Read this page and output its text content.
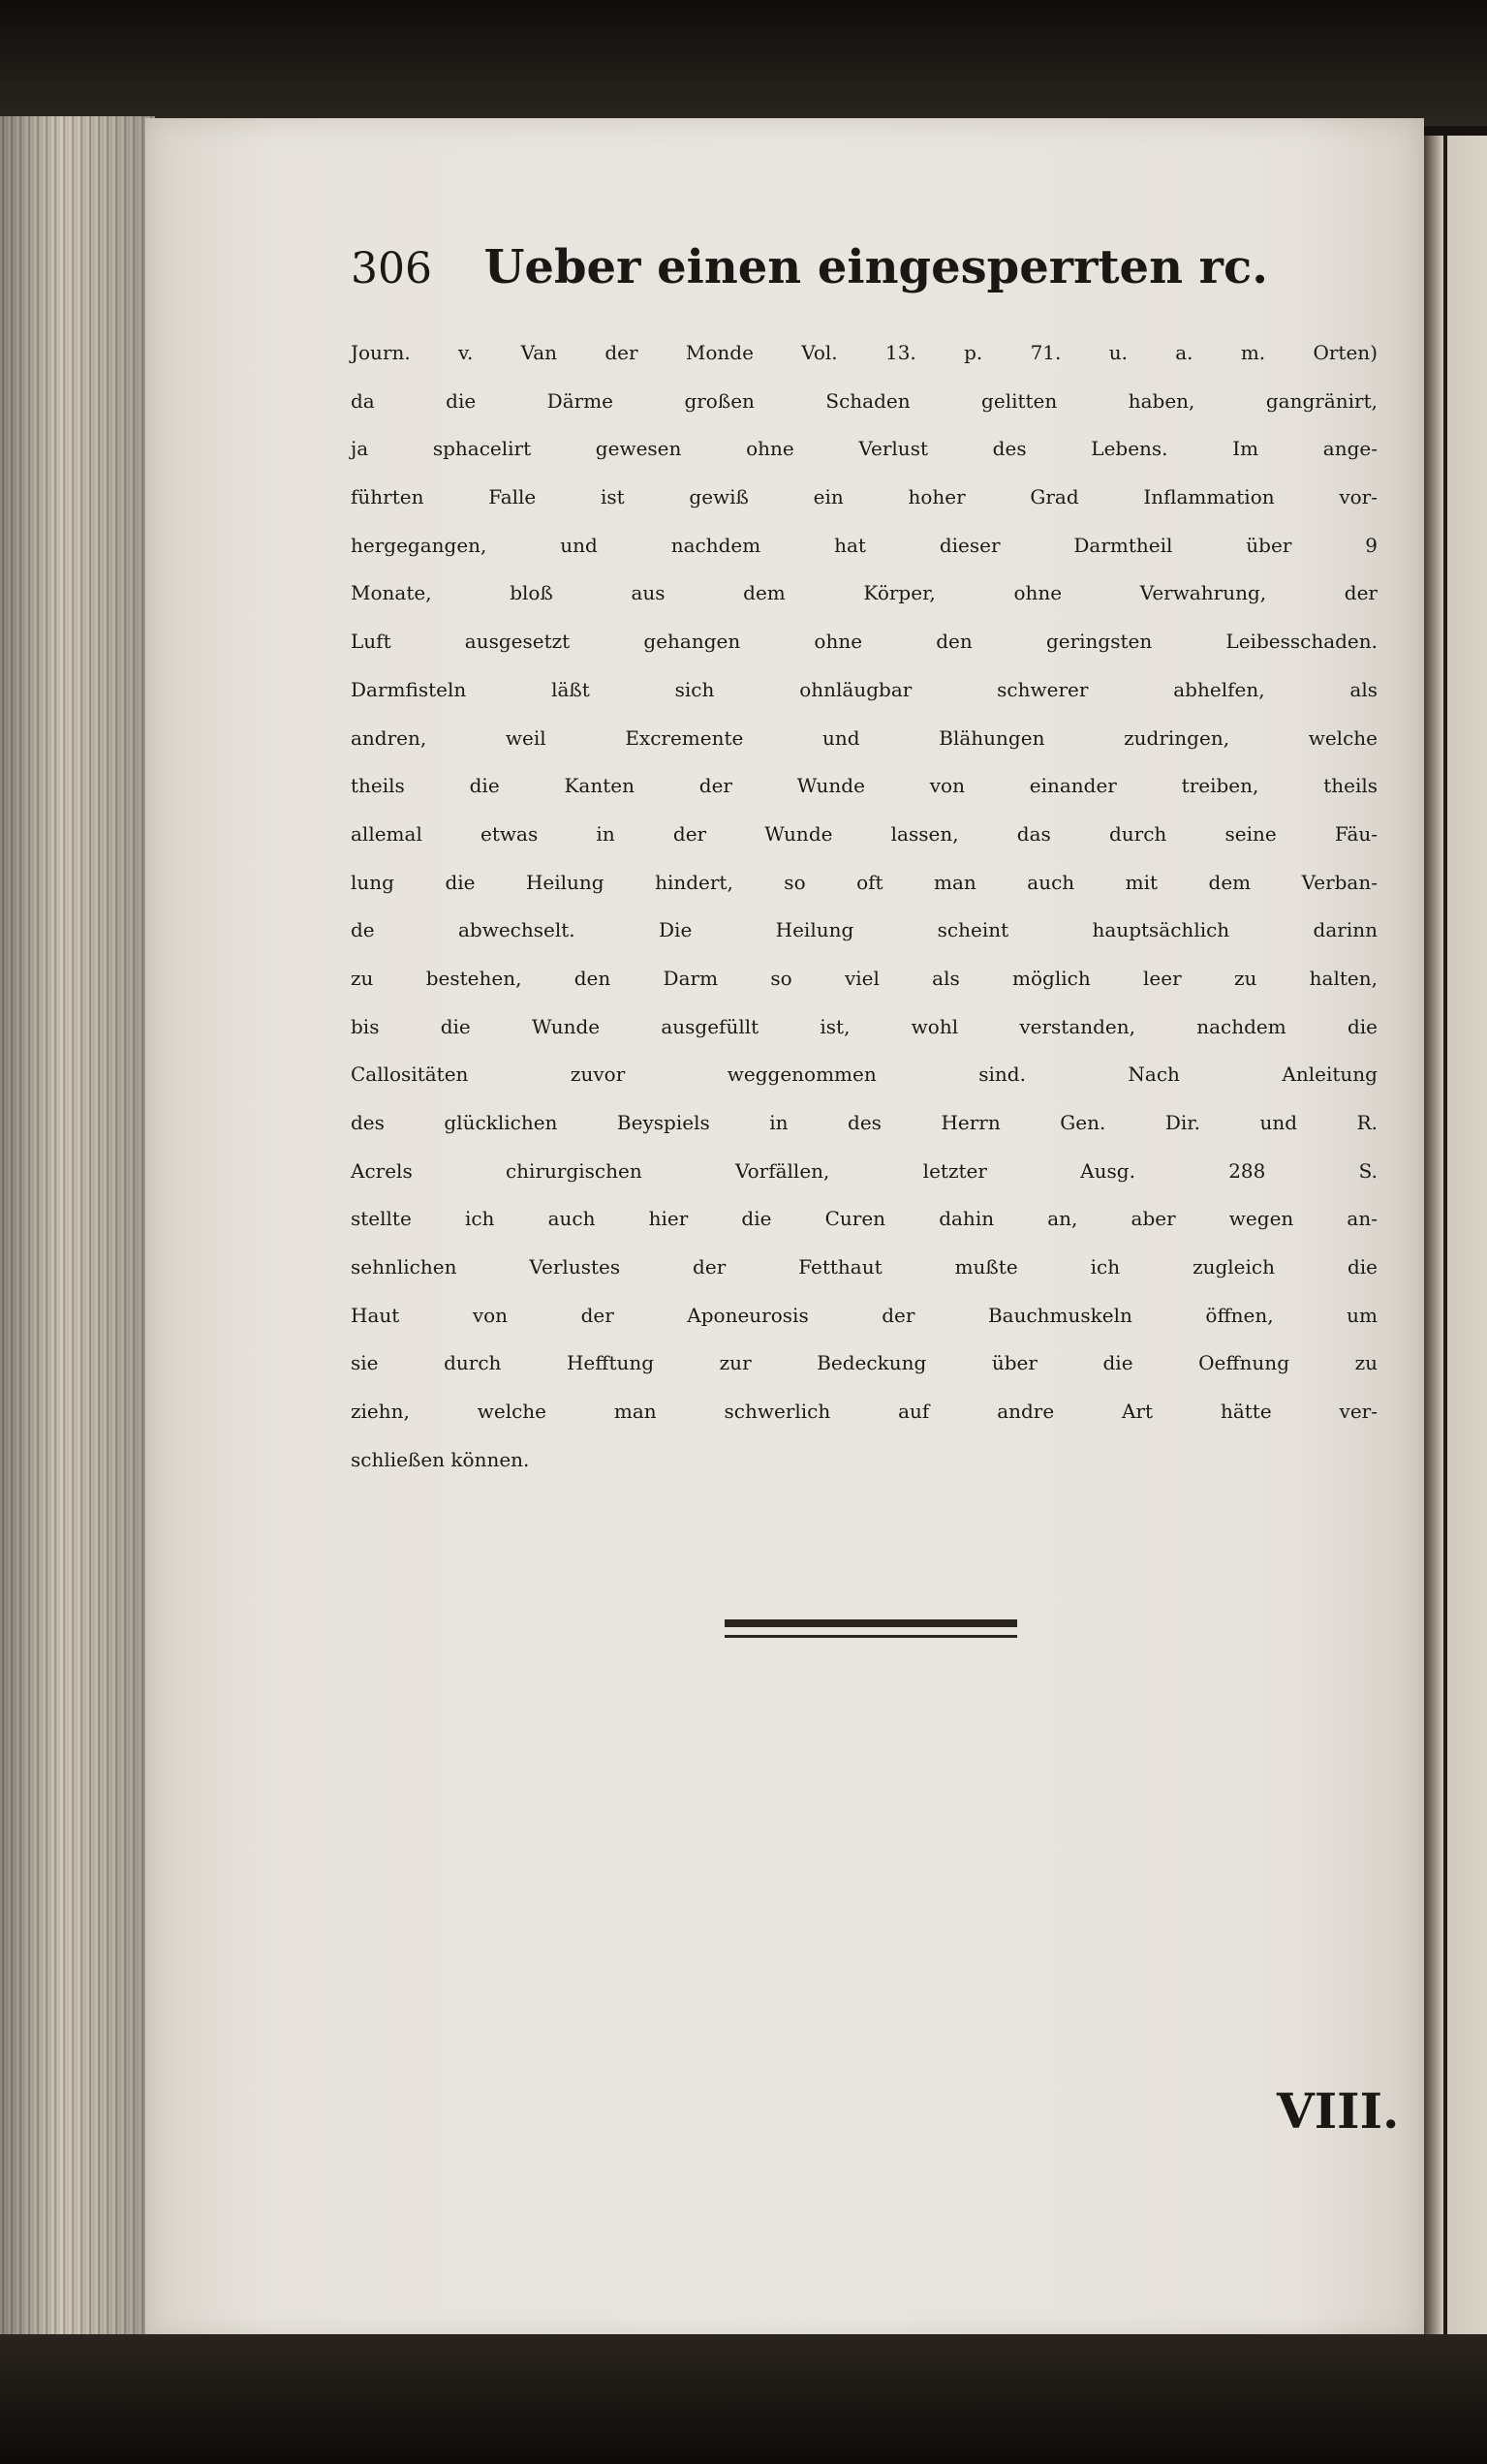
306 Ueber einen eingesperrten rc.
Journ. v. Van der Monde Vol. 13. p. 71. u. a. m. Orten)
da die Därme großen Schaden gelitten haben, gangränirt,
ja sphacelirt gewesen ohne Verlust des Lebens. Im ange-
führten Falle ist gewiß ein hoher Grad Inflammation vor-
hergegangen, und nachdem hat dieser Darmtheil über 9
Monate, bloß aus dem Körper, ohne Verwahrung, der
Luft ausgesetzt gehangen ohne den geringsten Leibesschaden.
Darmfisteln läßt sich ohnläugbar schwerer abhelfen, als
andren, weil Excremente und Blähungen zudringen, welche
theils die Kanten der Wunde von einander treiben, theils
allemal etwas in der Wunde lassen, das durch seine Fäu-
lung die Heilung hindert, so oft man auch mit dem Verban-
de abwechselt. Die Heilung scheint hauptsächlich darinn
zu bestehen, den Darm so viel als möglich leer zu halten,
bis die Wunde ausgefüllt ist, wohl verstanden, nachdem die
Callositäten zuvor weggenommen sind. Nach Anleitung
des glücklichen Beyspiels in des Herrn Gen. Dir. und R.
Acrels chirurgischen Vorfällen, letzter Ausg. 288 S.
stellte ich auch hier die Curen dahin an, aber wegen an-
sehnlichen Verlustes der Fetthaut mußte ich zugleich die
Haut von der Aponeurosis der Bauchmuskeln öffnen, um
sie durch Hefftung zur Bedeckung über die Oeffnung zu
ziehn, welche man schwerlich auf andre Art hätte ver-
schließen können.
VIII.
